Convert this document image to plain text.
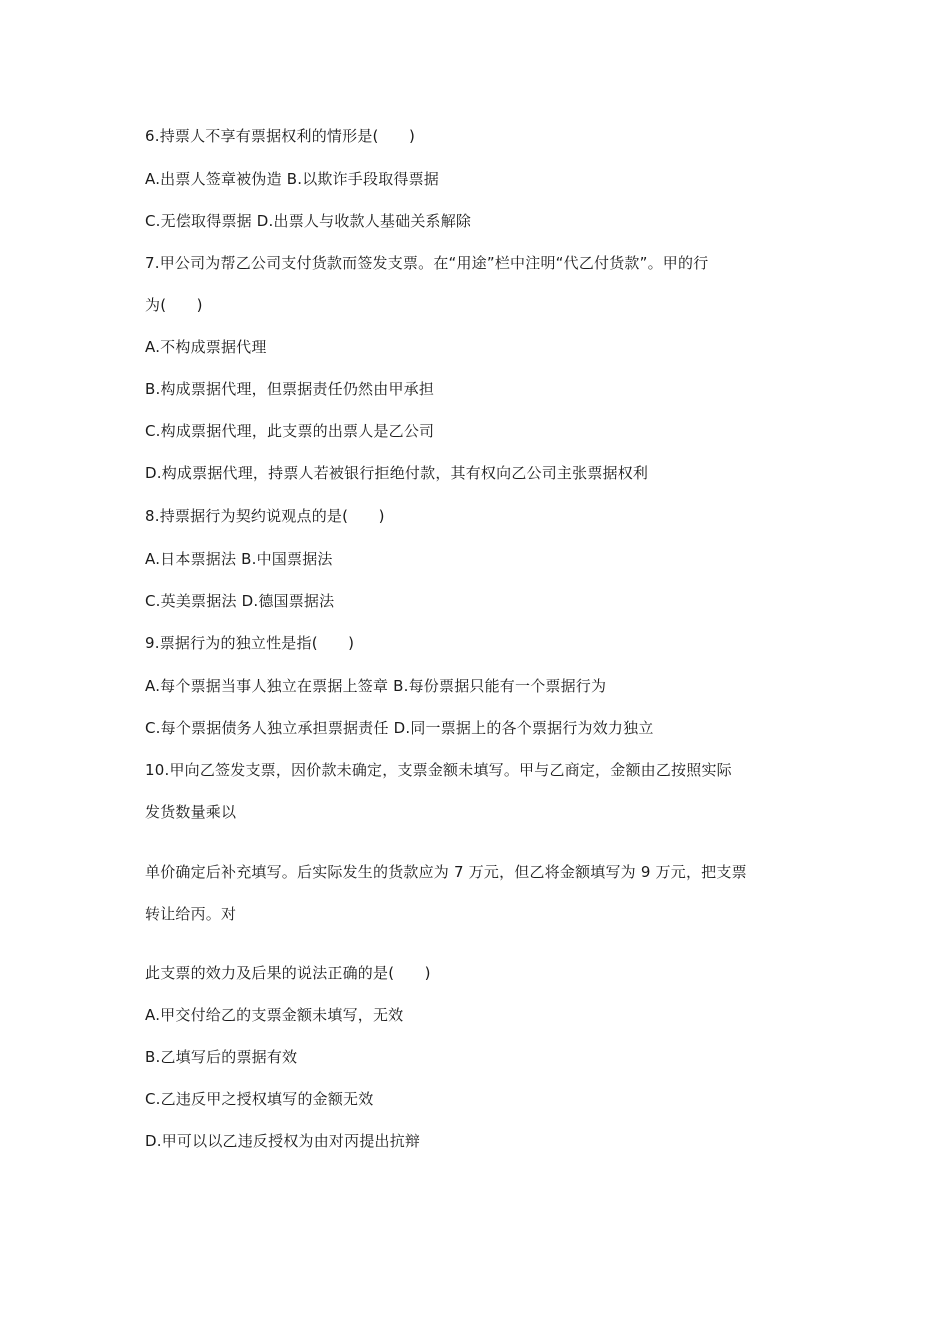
6.持票人不享有票据权利的情形是(　　)
A.出票人签章被伪造 B.以欺诈手段取得票据
C.无偿取得票据 D.出票人与收款人基础关系解除
7.甲公司为帮乙公司支付货款而签发支票。在“用途”栏中注明“代乙付货款”。甲的行
为(　　)
A.不构成票据代理
B.构成票据代理，但票据责任仍然由甲承担
C.构成票据代理，此支票的出票人是乙公司
D.构成票据代理，持票人若被银行拒绝付款，其有权向乙公司主张票据权利
8.持票据行为契约说观点的是(　　)
A.日本票据法 B.中国票据法
C.英美票据法 D.德国票据法
9.票据行为的独立性是指(　　)
A.每个票据当事人独立在票据上签章 B.每份票据只能有一个票据行为
C.每个票据债务人独立承担票据责任 D.同一票据上的各个票据行为效力独立
10.甲向乙签发支票，因价款未确定，支票金额未填写。甲与乙商定，金额由乙按照实际
发货数量乘以
单价确定后补充填写。后实际发生的货款应为 7 万元，但乙将金额填写为 9 万元，把支票
转让给丙。对
此支票的效力及后果的说法正确的是(　　)
A.甲交付给乙的支票金额未填写，无效
B.乙填写后的票据有效
C.乙违反甲之授权填写的金额无效
D.甲可以以乙违反授权为由对丙提出抗辩
